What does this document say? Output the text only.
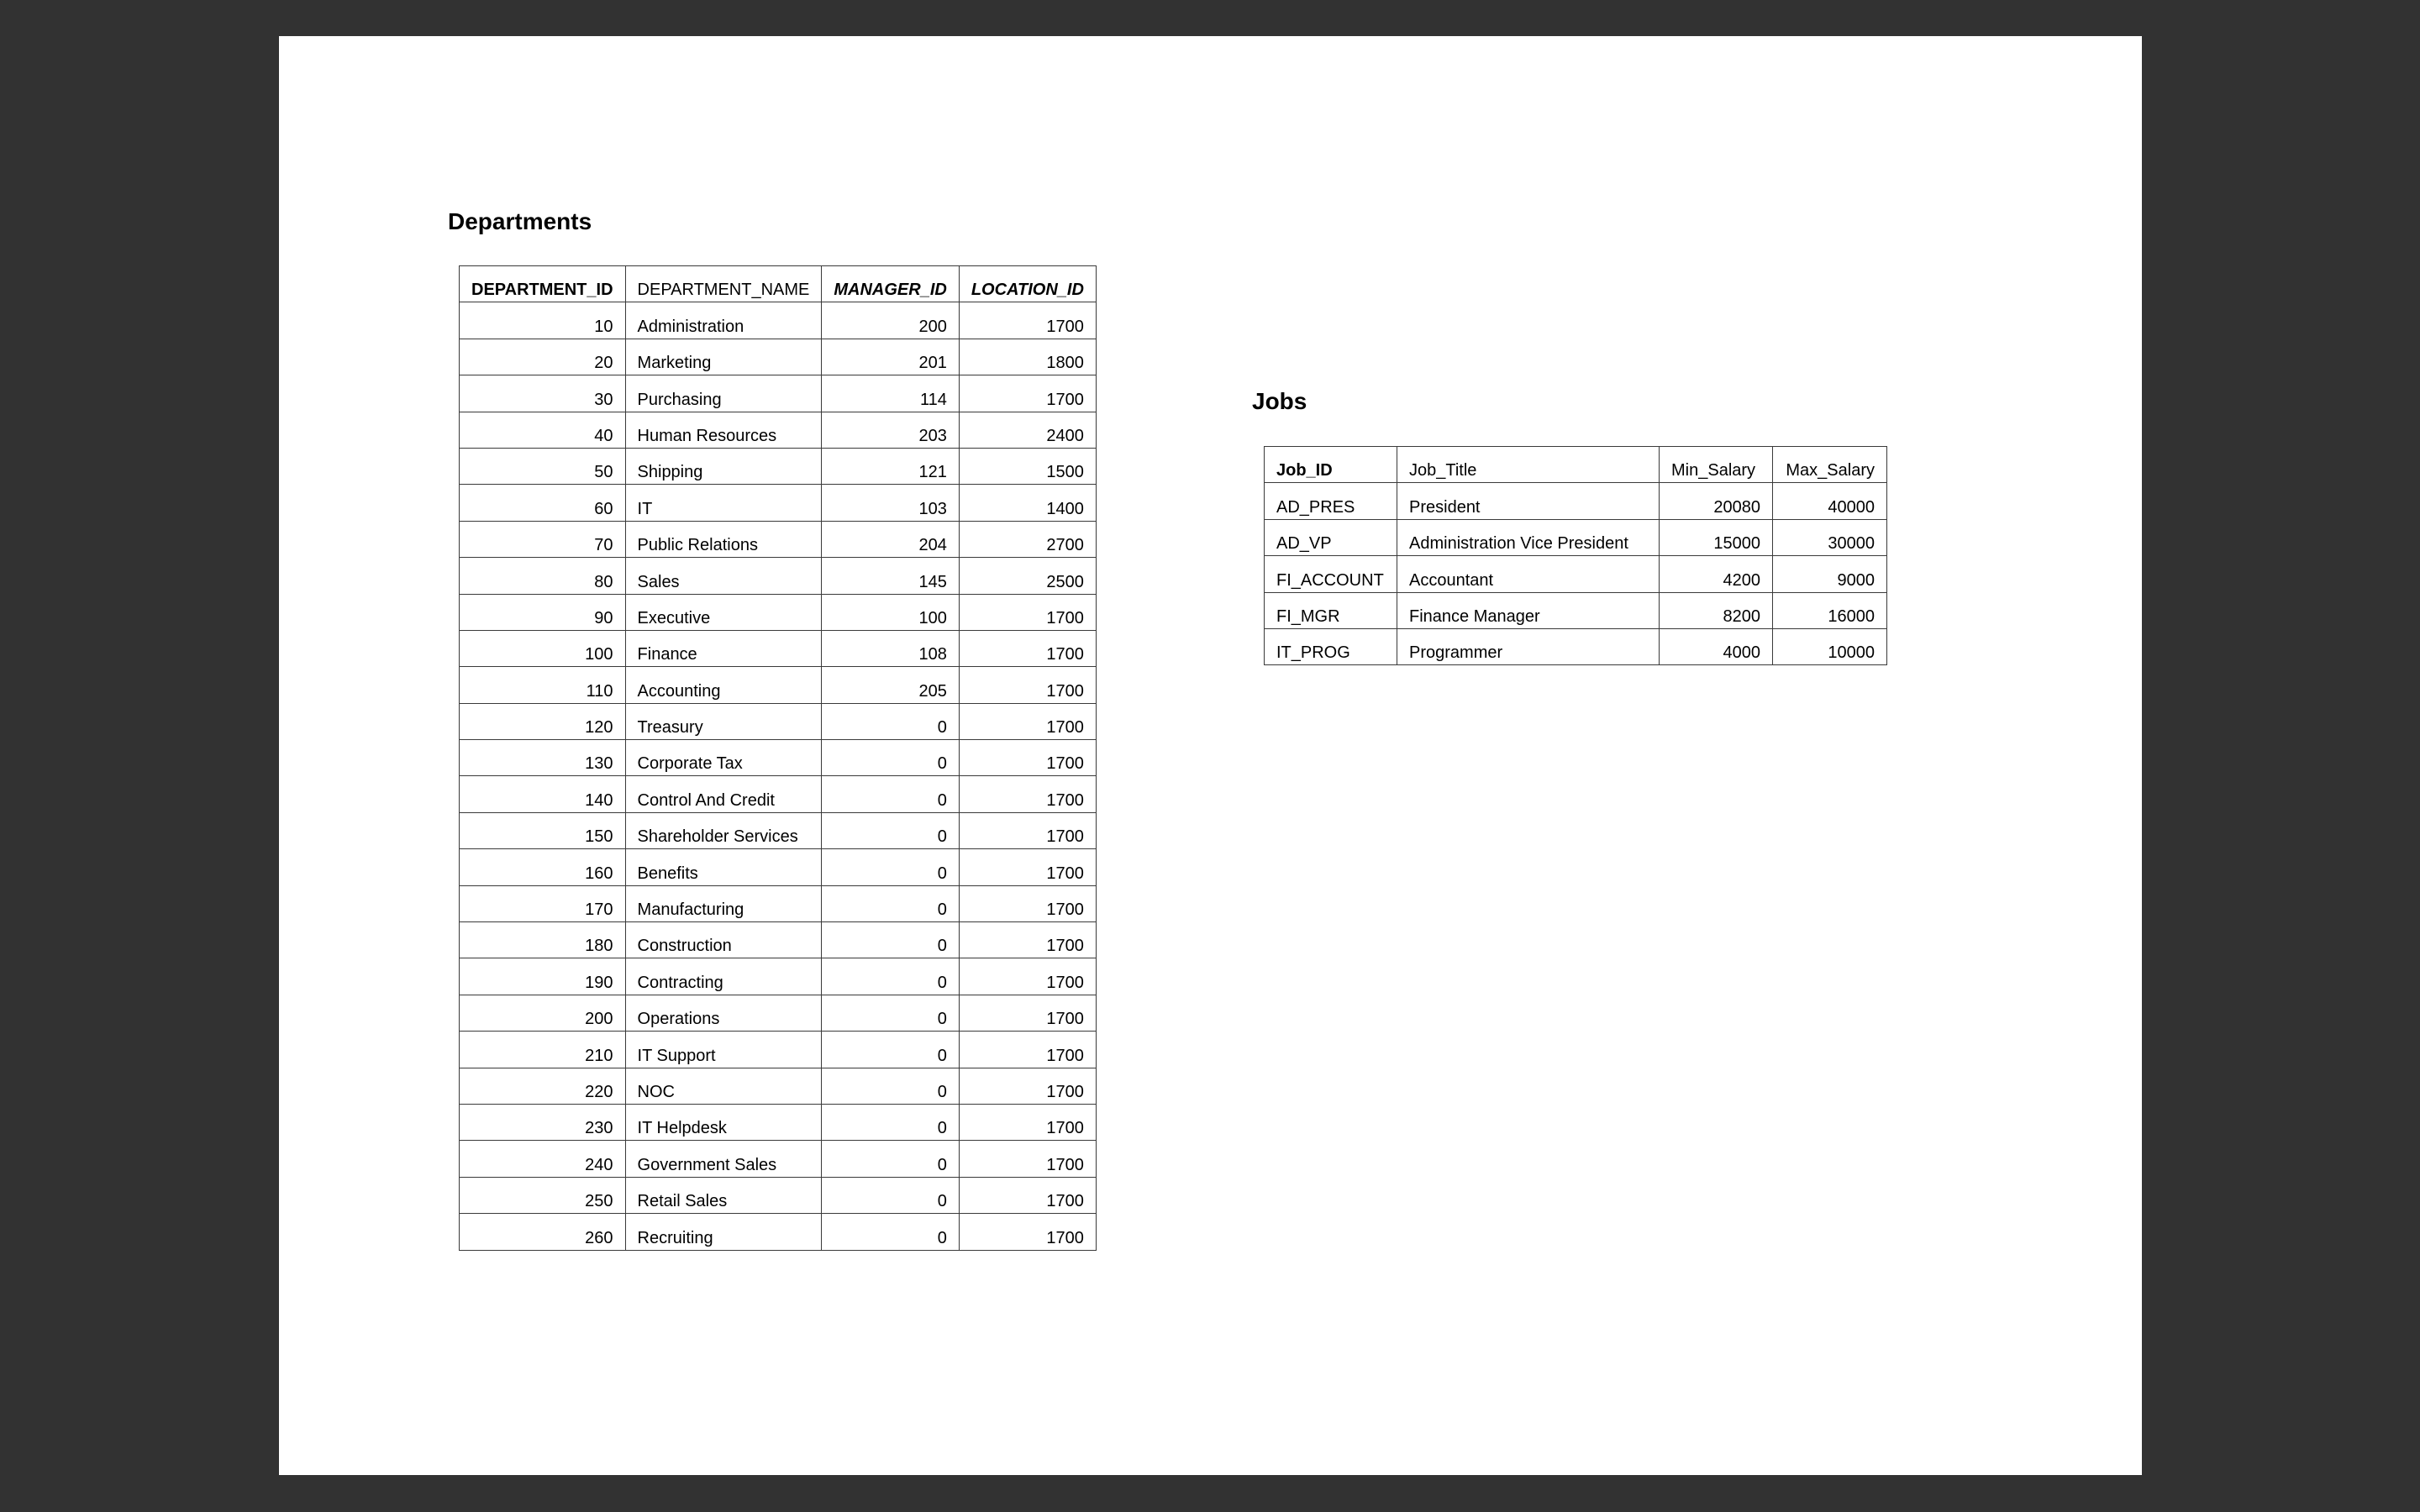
Departments
DEPARTMENT_ID	DEPARTMENT_NAME	MANAGER_ID	LOCATION_ID
10	Administration	200	1700
20	Marketing	201	1800
30	Purchasing	114	1700
40	Human Resources	203	2400
50	Shipping	121	1500
60	IT	103	1400
70	Public Relations	204	2700
80	Sales	145	2500
90	Executive	100	1700
100	Finance	108	1700
110	Accounting	205	1700
120	Treasury	0	1700
130	Corporate Tax	0	1700
140	Control And Credit	0	1700
150	Shareholder Services	0	1700
160	Benefits	0	1700
170	Manufacturing	0	1700
180	Construction	0	1700
190	Contracting	0	1700
200	Operations	0	1700
210	IT Support	0	1700
220	NOC	0	1700
230	IT Helpdesk	0	1700
240	Government Sales	0	1700
250	Retail Sales	0	1700
260	Recruiting	0	1700
Jobs
Job_ID	Job_Title	Min_Salary	Max_Salary
AD_PRES	President	20080	40000
AD_VP	Administration Vice President	15000	30000
FI_ACCOUNT	Accountant	4200	9000
FI_MGR	Finance Manager	8200	16000
IT_PROG	Programmer	4000	10000
